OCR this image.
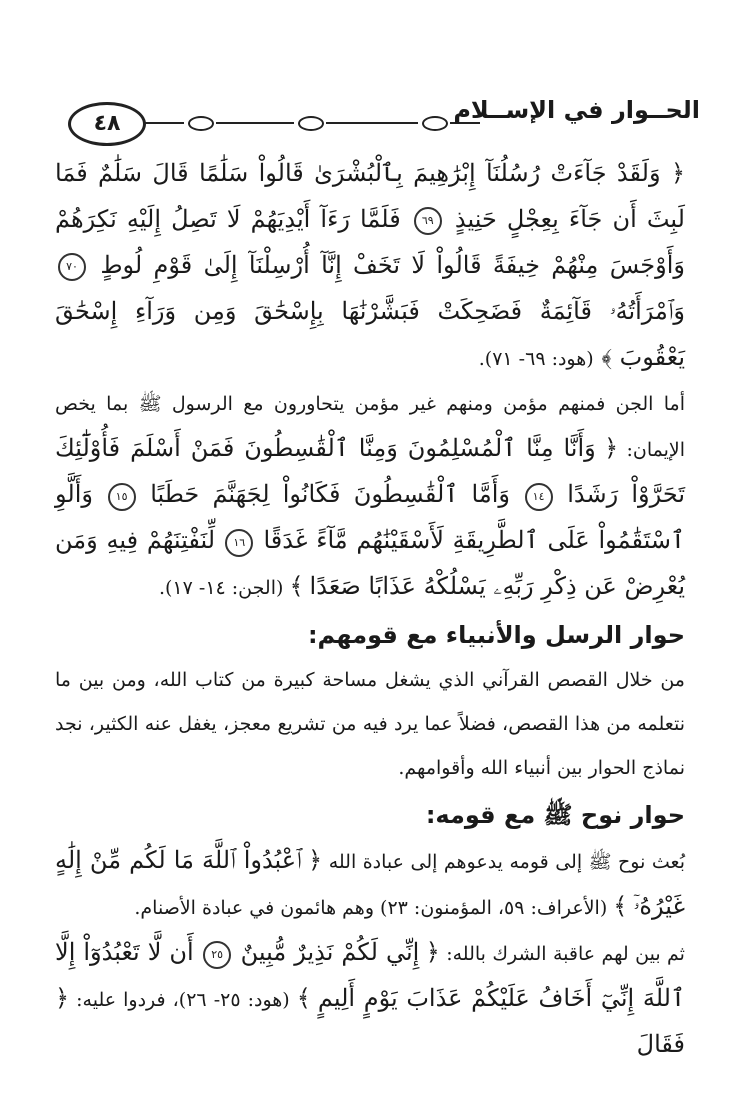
٤٨	الحــوار في الإســلام

﴿ وَلَقَدْ جَآءَتْ رُسُلُنَآ إِبْرَٰهِيمَ بِٱلْبُشْرَىٰ قَالُواْ سَلَٰمًا قَالَ سَلَٰمٌ فَمَا لَبِثَ أَن جَآءَ بِعِجْلٍ حَنِيذٍ ٦٩ فَلَمَّا رَءَآ أَيْدِيَهُمْ لَا تَصِلُ إِلَيْهِ نَكِرَهُمْ وَأَوْجَسَ مِنْهُمْ خِيفَةً قَالُواْ لَا تَخَفْ إِنَّآ أُرْسِلْنَآ إِلَىٰ قَوْمِ لُوطٍ ٧٠ وَٱمْرَأَتُهُۥ قَآئِمَةٌ فَضَحِكَتْ فَبَشَّرْنَٰهَا بِإِسْحَٰقَ وَمِن وَرَآءِ إِسْحَٰقَ يَعْقُوبَ ﴾ (هود: ٦٩- ٧١).

أما الجن فمنهم مؤمن ومنهم غير مؤمن يتحاورون مع الرسول ﷺ بما يخص الإيمان: ﴿ وَأَنَّا مِنَّا ٱلْمُسْلِمُونَ وَمِنَّا ٱلْقَٰسِطُونَ فَمَنْ أَسْلَمَ فَأُوْلَٰٓئِكَ تَحَرَّوْاْ رَشَدًا ١٤ وَأَمَّا ٱلْقَٰسِطُونَ فَكَانُواْ لِجَهَنَّمَ حَطَبًا ١٥ وَأَلَّوِ ٱسْتَقَٰمُواْ عَلَى ٱلطَّرِيقَةِ لَأَسْقَيْنَٰهُم مَّآءً غَدَقًا ١٦ لِّنَفْتِنَهُمْ فِيهِ وَمَن يُعْرِضْ عَن ذِكْرِ رَبِّهِۦ يَسْلُكْهُ عَذَابًا صَعَدًا ﴾ (الجن: ١٤- ١٧).

حوار الرسل والأنبياء مع قومهم:

من خلال القصص القرآني الذي يشغل مساحة كبيرة من كتاب الله، ومن بين ما نتعلمه من هذا القصص، فضلاً عما يرد فيه من تشريع معجز، يغفل عنه الكثير، نجد نماذج الحوار بين أنبياء الله وأقوامهم.

حوار نوح ﷺ مع قومه:

بُعث نوح ﷺ إلى قومه يدعوهم إلى عبادة الله ﴿ ٱعْبُدُواْ ٱللَّهَ مَا لَكُم مِّنْ إِلَٰهٍ غَيْرُهُۥٓ ﴾ (الأعراف: ٥٩، المؤمنون: ٢٣) وهم هائمون في عبادة الأصنام.

ثم بين لهم عاقبة الشرك بالله: ﴿ إِنِّي لَكُمْ نَذِيرٌ مُّبِينٌ ٢٥ أَن لَّا تَعْبُدُوٓاْ إِلَّا ٱللَّهَ إِنِّيٓ أَخَافُ عَلَيْكُمْ عَذَابَ يَوْمٍ أَلِيمٍ ﴾ (هود: ٢٥- ٢٦)، فردوا عليه: ﴿ فَقَالَ
